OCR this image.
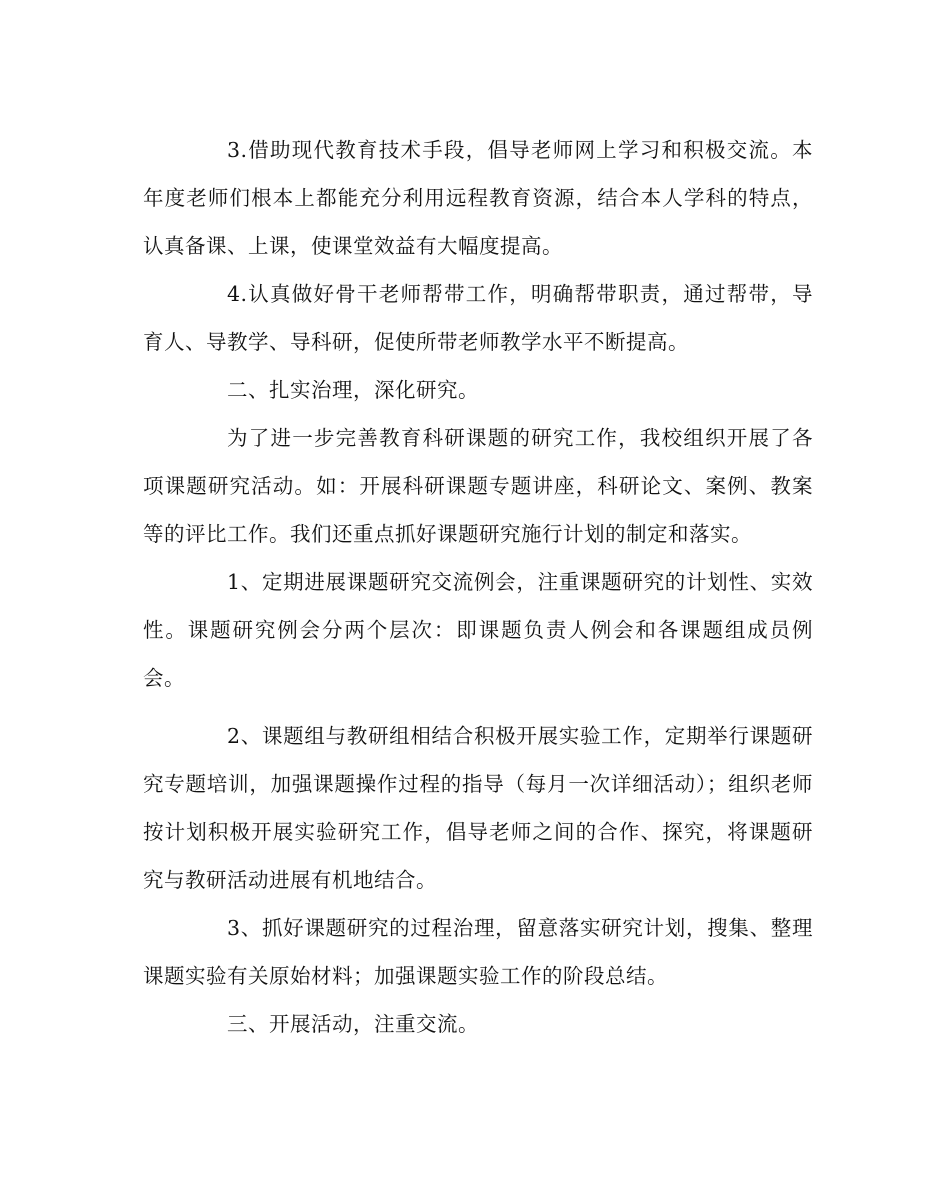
3.借助现代教育技术手段，倡导老师网上学习和积极交流。本年度老师们根本上都能充分利用远程教育资源，结合本人学科的特点，认真备课、上课，使课堂效益有大幅度提高。

4.认真做好骨干老师帮带工作，明确帮带职责，通过帮带，导育人、导教学、导科研，促使所带老师教学水平不断提高。

二、扎实治理，深化研究。

为了进一步完善教育科研课题的研究工作，我校组织开展了各项课题研究活动。如：开展科研课题专题讲座，科研论文、案例、教案等的评比工作。我们还重点抓好课题研究施行计划的制定和落实。

1、定期进展课题研究交流例会，注重课题研究的计划性、实效性。课题研究例会分两个层次：即课题负责人例会和各课题组成员例会。

2、课题组与教研组相结合积极开展实验工作，定期举行课题研究专题培训，加强课题操作过程的指导（每月一次详细活动）；组织老师按计划积极开展实验研究工作，倡导老师之间的合作、探究，将课题研究与教研活动进展有机地结合。

3、抓好课题研究的过程治理，留意落实研究计划，搜集、整理课题实验有关原始材料；加强课题实验工作的阶段总结。

三、开展活动，注重交流。
